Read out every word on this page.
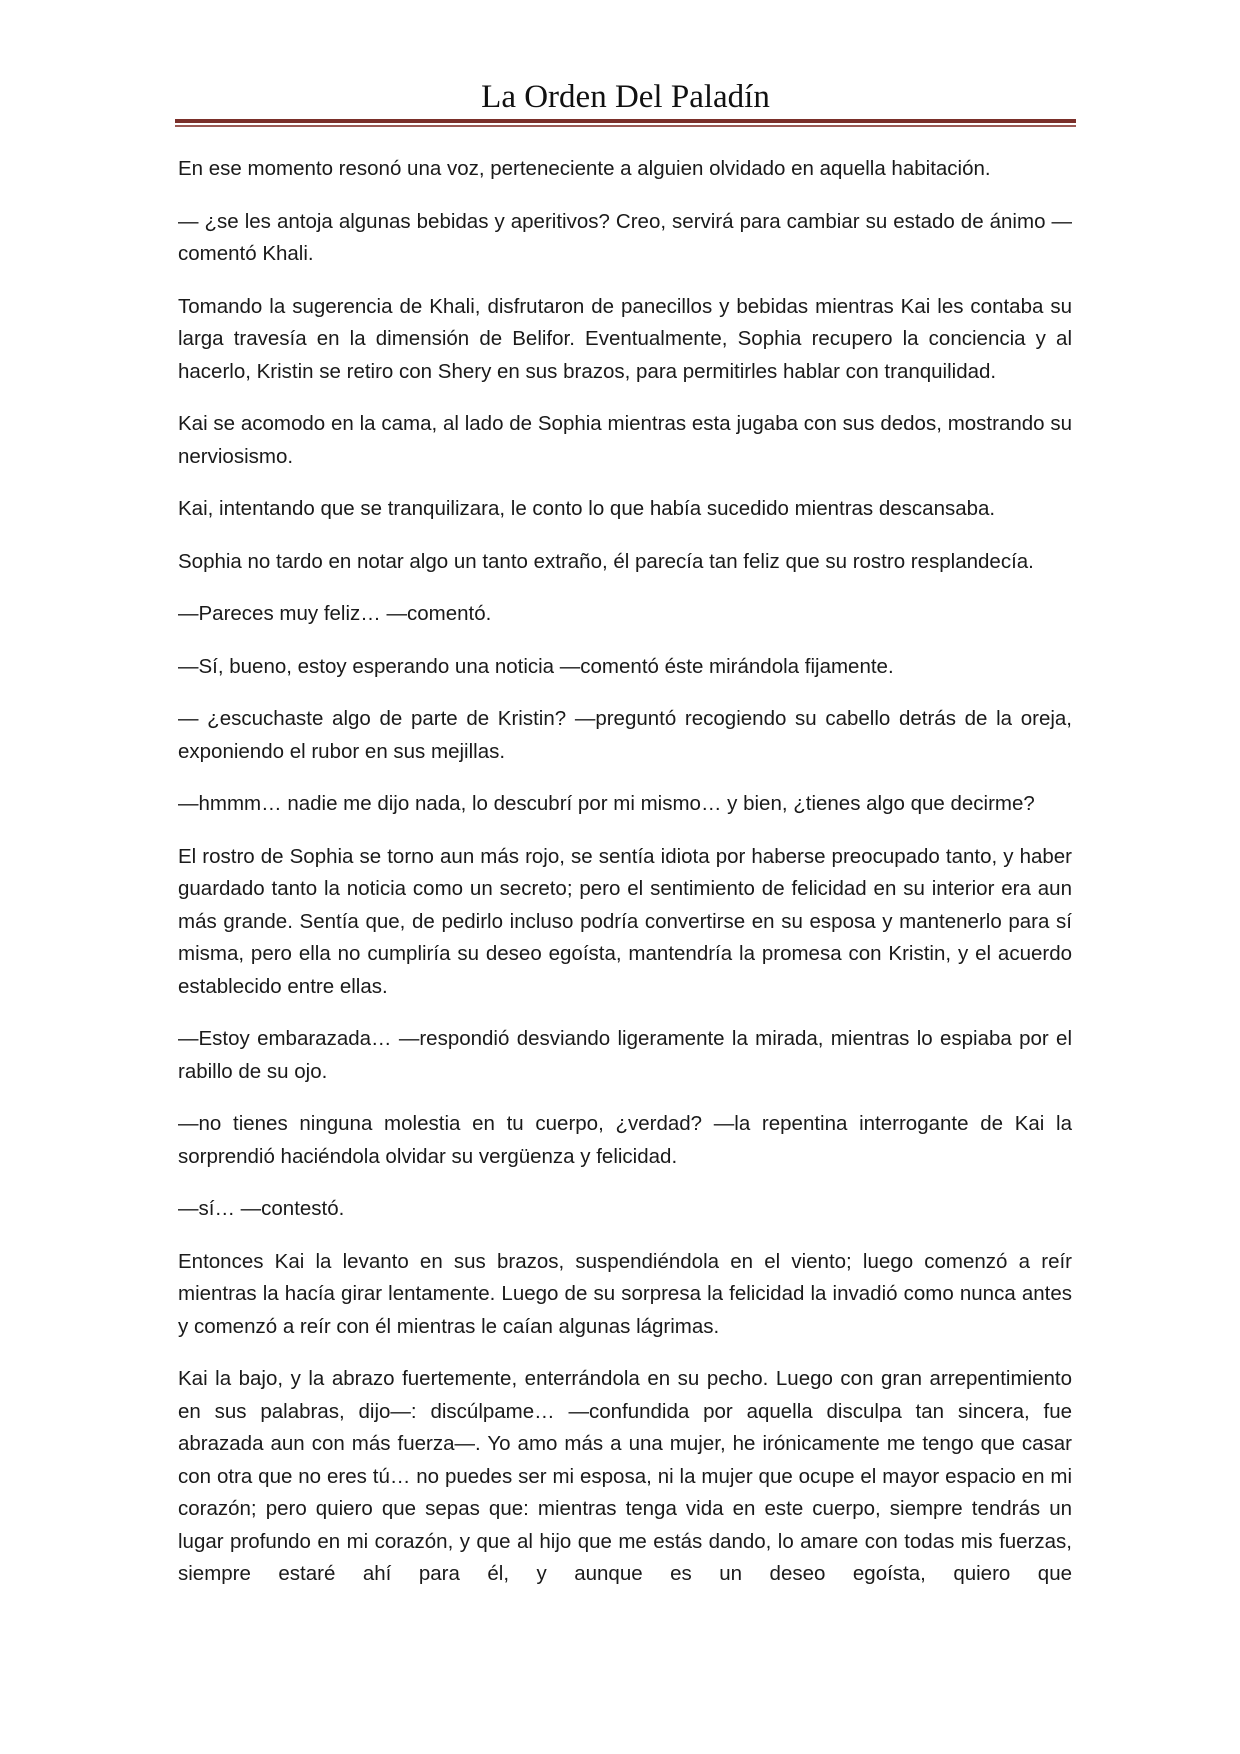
La Orden Del Paladín

En ese momento resonó una voz, perteneciente a alguien olvidado en aquella habitación.

— ¿se les antoja algunas bebidas y aperitivos? Creo, servirá para cambiar su estado de ánimo —comentó Khali.

Tomando la sugerencia de Khali, disfrutaron de panecillos y bebidas mientras Kai les contaba su larga travesía en la dimensión de Belifor. Eventualmente, Sophia recupero la conciencia y al hacerlo, Kristin se retiro con Shery en sus brazos, para permitirles hablar con tranquilidad.

Kai se acomodo en la cama, al lado de Sophia mientras esta jugaba con sus dedos, mostrando su nerviosismo.

Kai, intentando que se tranquilizara, le conto lo que había sucedido mientras descansaba.

Sophia no tardo en notar algo un tanto extraño, él parecía tan feliz que su rostro resplandecía.

—Pareces muy feliz… —comentó.

—Sí, bueno, estoy esperando una noticia —comentó éste mirándola fijamente.

— ¿escuchaste algo de parte de Kristin? —preguntó recogiendo su cabello detrás de la oreja, exponiendo el rubor en sus mejillas.

—hmmm… nadie me dijo nada, lo descubrí por mi mismo… y bien, ¿tienes algo que decirme?

El rostro de Sophia se torno aun más rojo, se sentía idiota por haberse preocupado tanto, y haber guardado tanto la noticia como un secreto; pero el sentimiento de felicidad en su interior era aun más grande. Sentía que, de pedirlo incluso podría convertirse en su esposa y mantenerlo para sí misma, pero ella no cumpliría su deseo egoísta, mantendría la promesa con Kristin, y el acuerdo establecido entre ellas.

—Estoy embarazada… —respondió desviando ligeramente la mirada, mientras lo espiaba por el rabillo de su ojo.

—no tienes ninguna molestia en tu cuerpo, ¿verdad? —la repentina interrogante de Kai la sorprendió haciéndola olvidar su vergüenza y felicidad.

—sí… —contestó.

Entonces Kai la levanto en sus brazos, suspendiéndola en el viento; luego comenzó a reír mientras la hacía girar lentamente. Luego de su sorpresa la felicidad la invadió como nunca antes y comenzó a reír con él mientras le caían algunas lágrimas.

Kai la bajo, y la abrazo fuertemente, enterrándola en su pecho. Luego con gran arrepentimiento en sus palabras, dijo—: discúlpame… —confundida por aquella disculpa tan sincera, fue abrazada aun con más fuerza—. Yo amo más a una mujer, he irónicamente me tengo que casar con otra que no eres tú… no puedes ser mi esposa, ni la mujer que ocupe el mayor espacio en mi corazón; pero quiero que sepas que: mientras tenga vida en este cuerpo, siempre tendrás un lugar profundo en mi corazón, y que al hijo que me estás dando, lo amare con todas mis fuerzas, siempre estaré ahí para él, y aunque es un deseo egoísta, quiero que
